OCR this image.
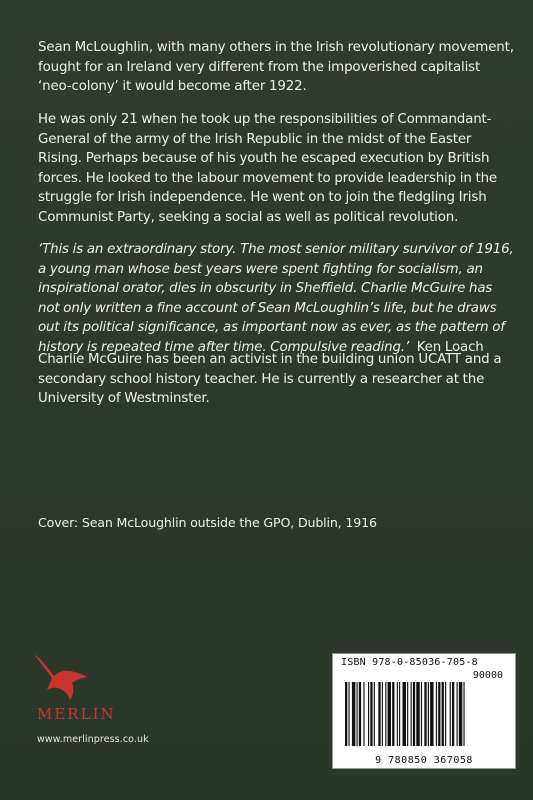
Sean McLoughlin, with many others in the Irish revolutionary movement, fought for an Ireland very different from the impoverished capitalist ‘neo-colony’ it would become after 1922.
He was only 21 when he took up the responsibilities of Commandant-General of the army of the Irish Republic in the midst of the Easter Rising. Perhaps because of his youth he escaped execution by British forces. He looked to the labour movement to provide leadership in the struggle for Irish independence. He went on to join the fledgling Irish Communist Party, seeking a social as well as political revolution.
‘This is an extraordinary story. The most senior military survivor of 1916, a young man whose best years were spent fighting for socialism, an inspirational orator, dies in obscurity in Sheffield. Charlie McGuire has not only written a fine account of Sean McLoughlin’s life, but he draws out its political significance, as important now as ever, as the pattern of history is repeated time after time. Compulsive reading.’ Ken Loach
Charlie McGuire has been an activist in the building union UCATT and a secondary school history teacher. He is currently a researcher at the University of Westminster.
Cover: Sean McLoughlin outside the GPO, Dublin, 1916
MERLIN
www.merlinpress.co.uk
ISBN 978-0-85036-705-8
90000
9 780850 367058
